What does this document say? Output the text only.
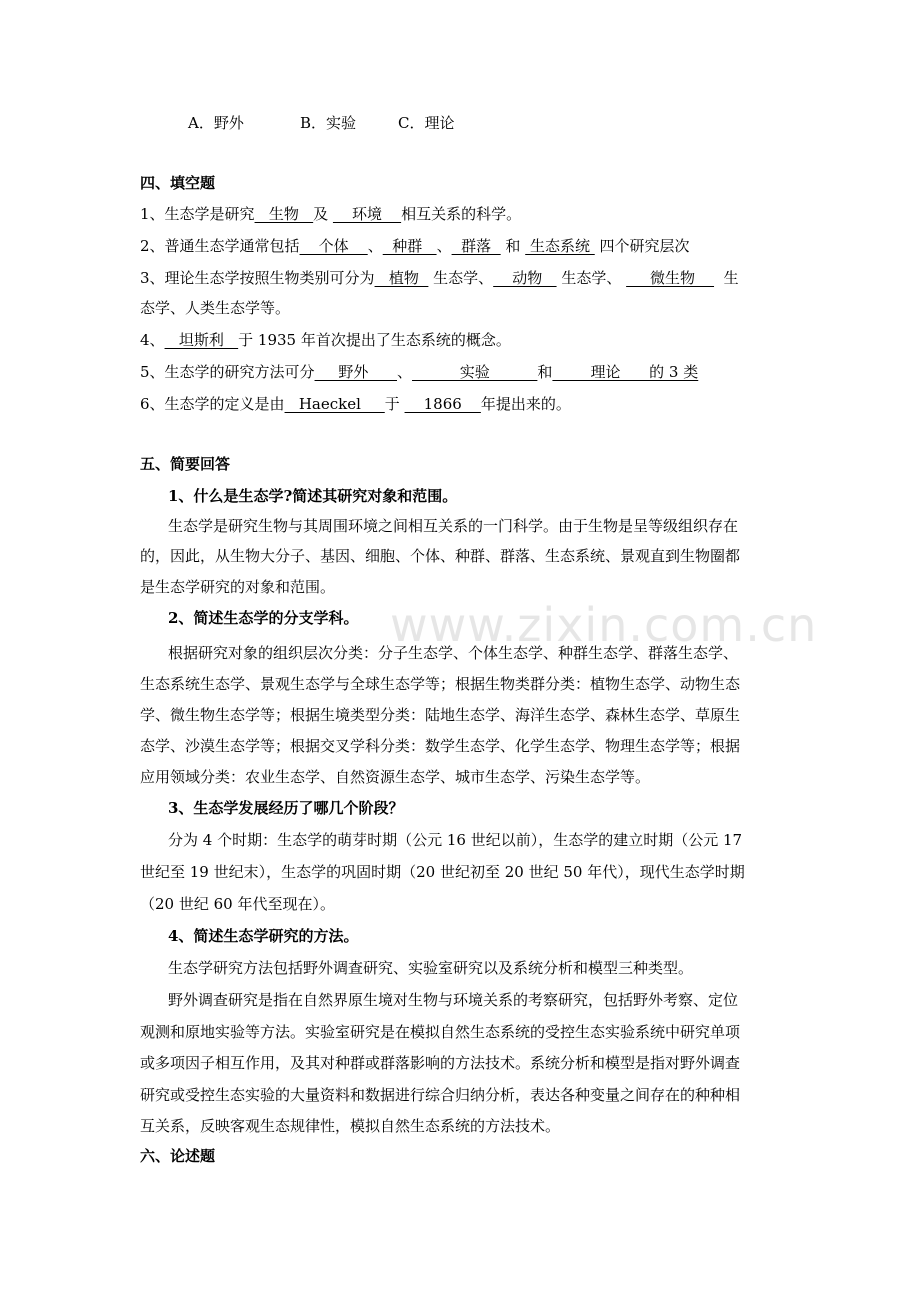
www.zixin.com.cn
A．野外	B．实验	C．理论
四、填空题
1、生态学是研究   生物   及     环境    相互关系的科学。
2、普通生态学通常包括    个体    、  种群   、  群落   和  生态系统  四个研究层次
3、理论生态学按照生物类别可分为   植物   生态学、    动物    生态学、      微生物      生
态学、人类生态学等。
4、   坦斯利   于 1935 年首次提出了生态系统的概念。
5、生态学的研究方法可分     野外      、          实验          和        理论      的 3 类
6、生态学的定义是由   Haeckel     于     1866    年提出来的。
五、简要回答
1、什么是生态学?简述其研究对象和范围。
生态学是研究生物与其周围环境之间相互关系的一门科学。由于生物是呈等级组织存在
的，因此，从生物大分子、基因、细胞、个体、种群、群落、生态系统、景观直到生物圈都
是生态学研究的对象和范围。
2、简述生态学的分支学科。
根据研究对象的组织层次分类：分子生态学、个体生态学、种群生态学、群落生态学、
生态系统生态学、景观生态学与全球生态学等；根据生物类群分类：植物生态学、动物生态
学、微生物生态学等；根据生境类型分类：陆地生态学、海洋生态学、森林生态学、草原生
态学、沙漠生态学等；根据交叉学科分类：数学生态学、化学生态学、物理生态学等；根据
应用领域分类：农业生态学、自然资源生态学、城市生态学、污染生态学等。
3、生态学发展经历了哪几个阶段？
分为 4 个时期：生态学的萌芽时期（公元 16 世纪以前），生态学的建立时期（公元 17
世纪至 19 世纪末），生态学的巩固时期（20 世纪初至 20 世纪 50 年代），现代生态学时期
（20 世纪 60 年代至现在）。
4、简述生态学研究的方法。
生态学研究方法包括野外调查研究、实验室研究以及系统分析和模型三种类型。
野外调查研究是指在自然界原生境对生物与环境关系的考察研究，包括野外考察、定位
观测和原地实验等方法。实验室研究是在模拟自然生态系统的受控生态实验系统中研究单项
或多项因子相互作用，及其对种群或群落影响的方法技术。系统分析和模型是指对野外调查
研究或受控生态实验的大量资料和数据进行综合归纳分析，表达各种变量之间存在的种种相
互关系，反映客观生态规律性，模拟自然生态系统的方法技术。
六、论述题
